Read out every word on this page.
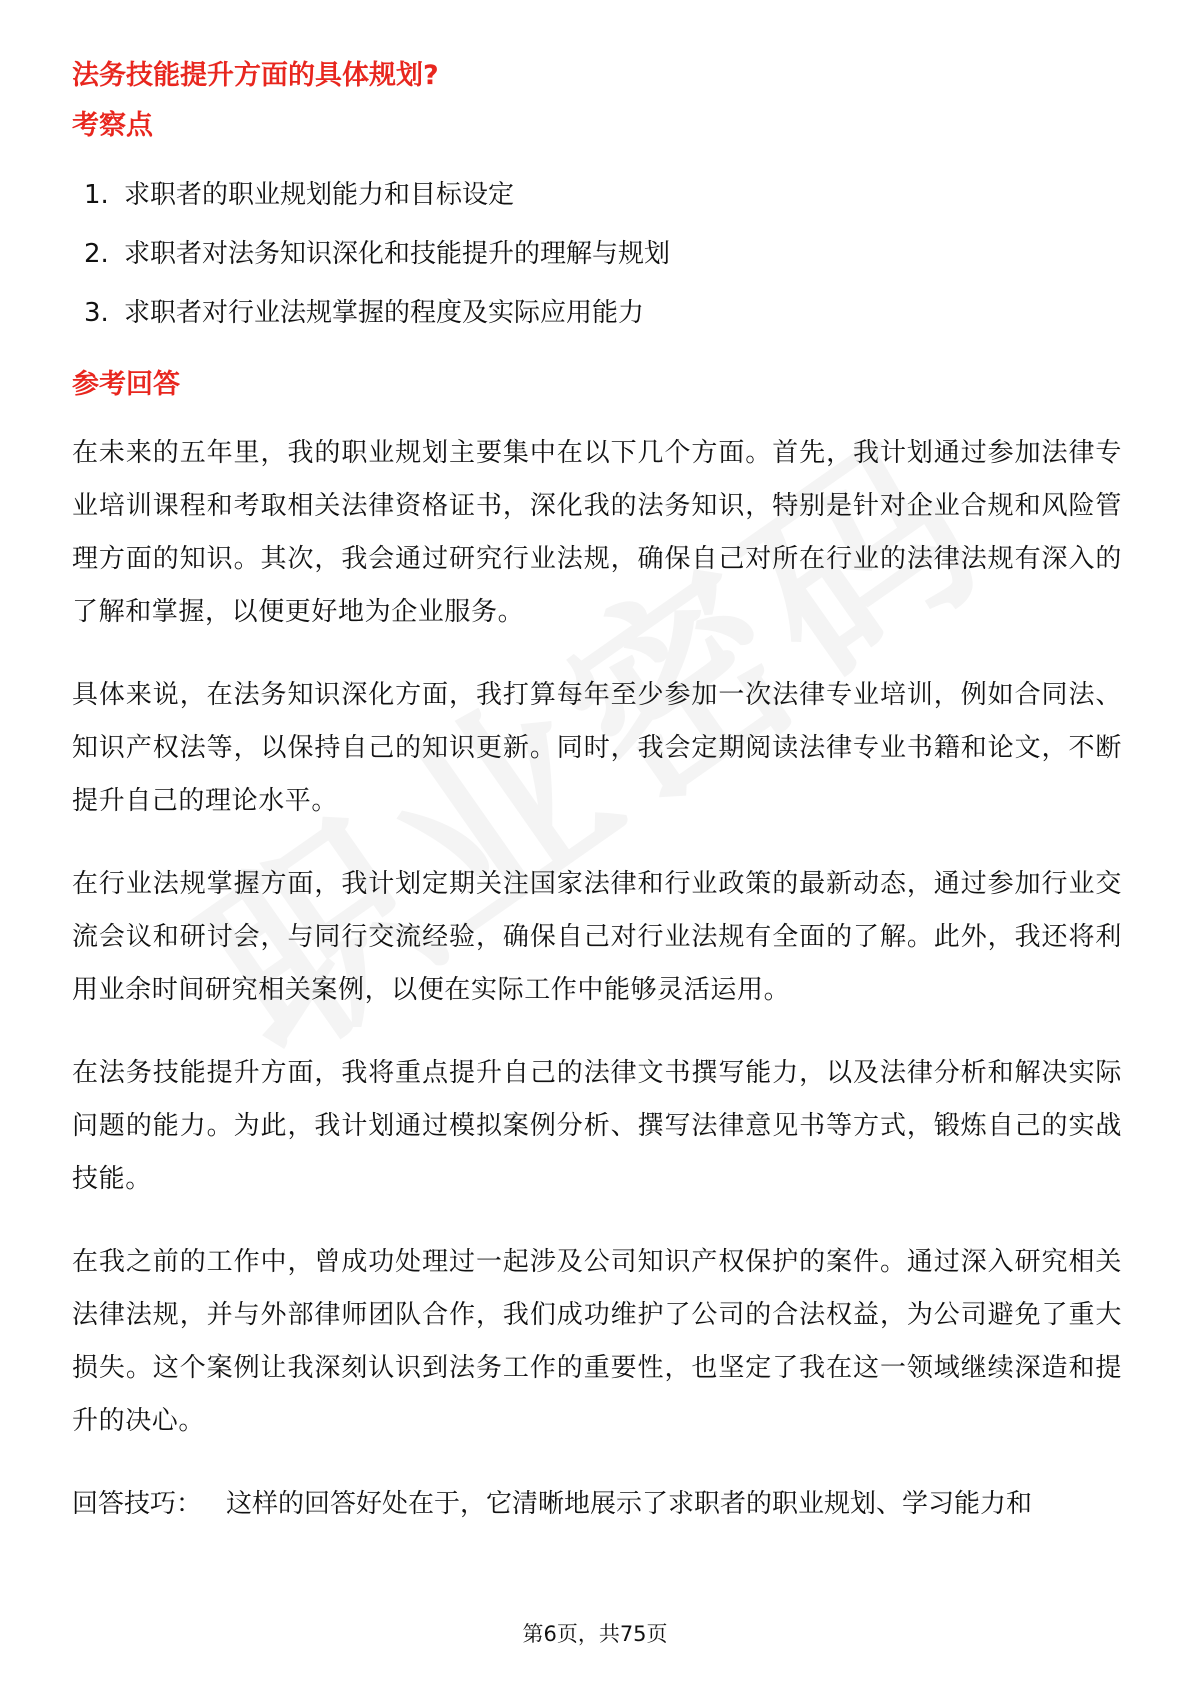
法务技能提升方面的具体规划?
考察点
1. 求职者的职业规划能力和目标设定
2. 求职者对法务知识深化和技能提升的理解与规划
3. 求职者对行业法规掌握的程度及实际应用能力
参考回答

在未来的五年里，我的职业规划主要集中在以下几个方面。首先，我计划通过参加法律专业培训课程和考取相关法律资格证书，深化我的法务知识，特别是针对企业合规和风险管理方面的知识。其次，我会通过研究行业法规，确保自己对所在行业的法律法规有深入的了解和掌握，以便更好地为企业服务。

具体来说，在法务知识深化方面，我打算每年至少参加一次法律专业培训，例如合同法、知识产权法等，以保持自己的知识更新。同时，我会定期阅读法律专业书籍和论文，不断提升自己的理论水平。

在行业法规掌握方面，我计划定期关注国家法律和行业政策的最新动态，通过参加行业交流会议和研讨会，与同行交流经验，确保自己对行业法规有全面的了解。此外，我还将利用业余时间研究相关案例，以便在实际工作中能够灵活运用。

在法务技能提升方面，我将重点提升自己的法律文书撰写能力，以及法律分析和解决实际问题的能力。为此，我计划通过模拟案例分析、撰写法律意见书等方式，锻炼自己的实战技能。

在我之前的工作中，曾成功处理过一起涉及公司知识产权保护的案件。通过深入研究相关法律法规，并与外部律师团队合作，我们成功维护了公司的合法权益，为公司避免了重大损失。这个案例让我深刻认识到法务工作的重要性，也坚定了我在这一领域继续深造和提升的决心。

回答技巧： 这样的回答好处在于，它清晰地展示了求职者的职业规划、学习能力和

第6页，共75页
